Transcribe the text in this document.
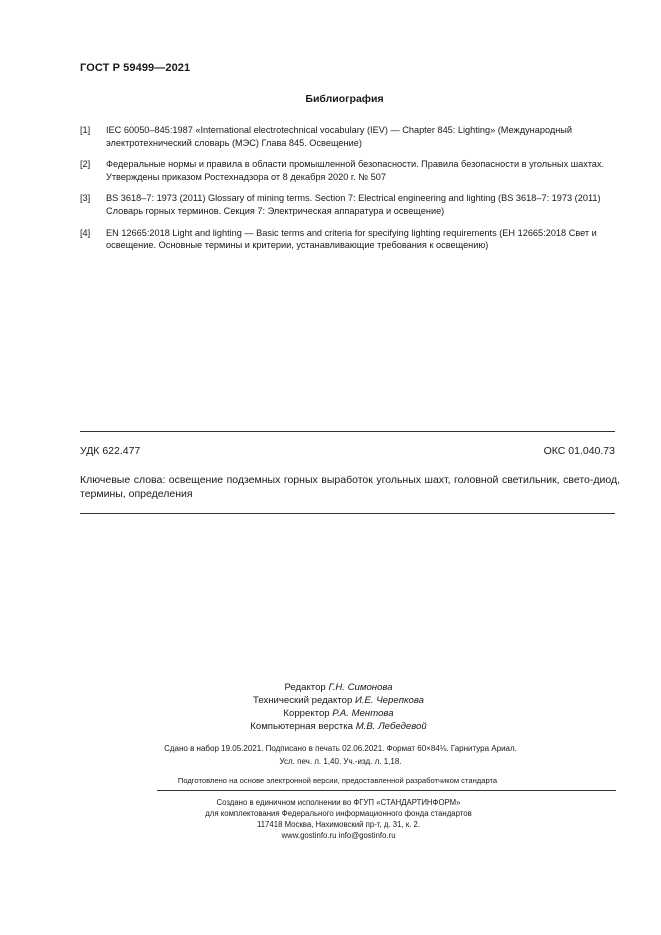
ГОСТ Р 59499—2021
Библиография
[1]	IEC 60050–845:1987 «International electrotechnical vocabulary (IEV) — Chapter 845: Lighting» (Международный электротехнический словарь (МЭС) Глава 845. Освещение)
[2]	Федеральные нормы и правила в области промышленной безопасности. Правила безопасности в угольных шахтах. Утверждены приказом Ростехнадзора от 8 декабря 2020 г. № 507
[3]	BS 3618–7: 1973 (2011) Glossary of mining terms. Section 7: Electrical engineering and lighting (BS 3618–7: 1973 (2011) Словарь горных терминов. Секция 7: Электрическая аппаратура и освещение)
[4]	EN 12665:2018 Light and lighting — Basic terms and criteria for specifying lighting requirements (ЕН 12665:2018 Свет и освещение. Основные термины и критерии, устанавливающие требования к освещению)
УДК 622.477	ОКС 01.040.73
Ключевые слова: освещение подземных горных выработок угольных шахт, головной светильник, свето-диод, термины, определения
Редактор Г.Н. Симонова
Технический редактор И.Е. Черепкова
Корректор Р.А. Ментова
Компьютерная верстка М.В. Лебедевой
Сдано в набор 19.05.2021. Подписано в печать 02.06.2021. Формат 60×84⅛. Гарнитура Ариал.
Усл. печ. л. 1,40. Уч.-изд. л. 1,18.
Подготовлено на основе электронной версии, предоставленной разработчиком стандарта
Создано в единичном исполнении во ФГУП «СТАНДАРТИНФОРМ»
для комплектования Федерального информационного фонда стандартов
117418 Москва, Нахимовский пр-т, д. 31, к. 2.
www.gostinfo.ru info@gostinfo.ru
